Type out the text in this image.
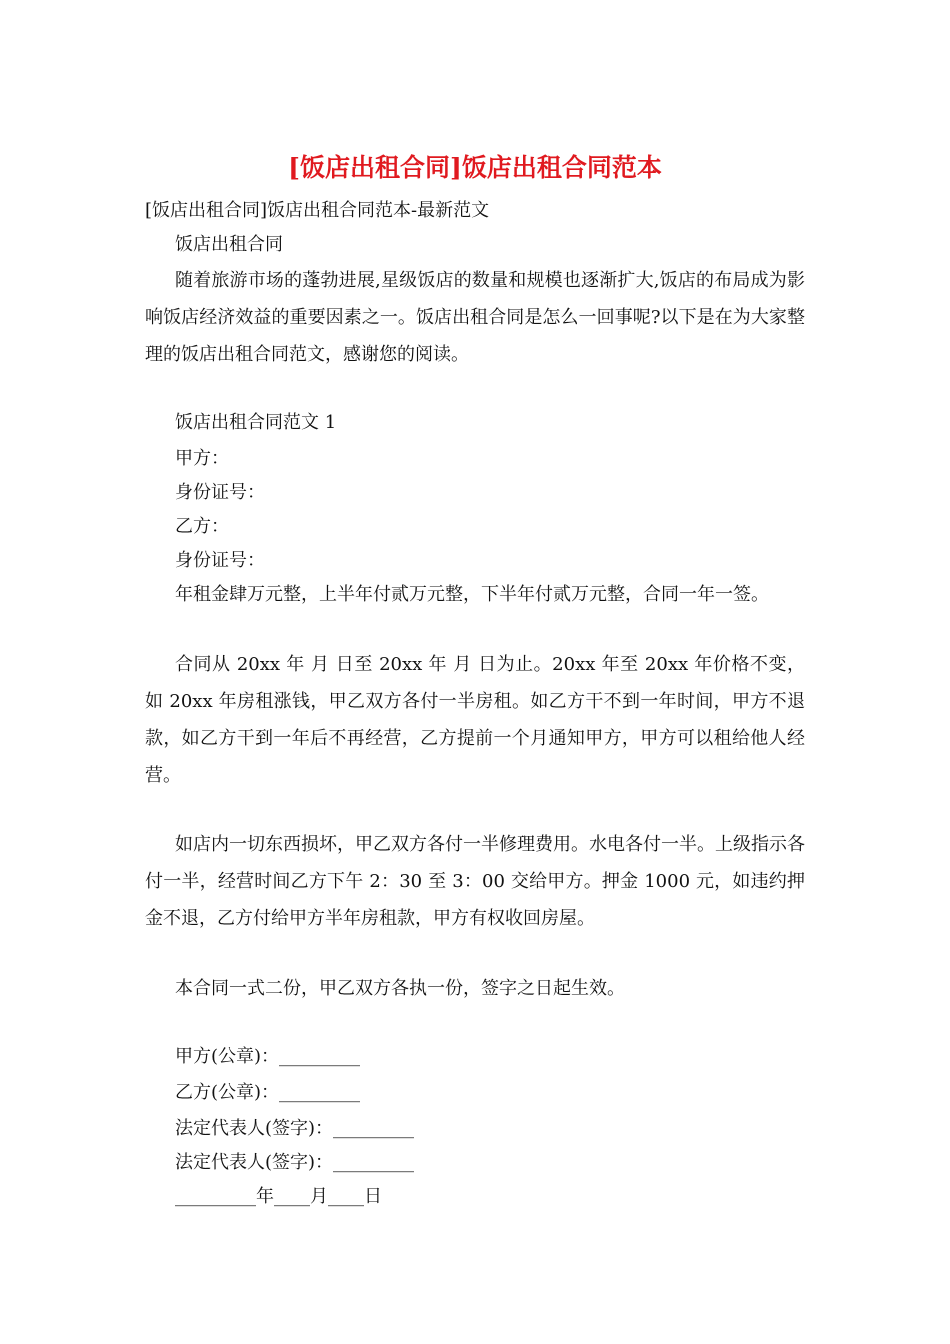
[饭店出租合同]饭店出租合同范本

[饭店出租合同]饭店出租合同范本-最新范文

饭店出租合同

随着旅游市场的蓬勃进展,星级饭店的数量和规模也逐渐扩大,饭店的布局成为影响饭店经济效益的重要因素之一。饭店出租合同是怎么一回事呢?以下是在为大家整理的饭店出租合同范文，感谢您的阅读。

饭店出租合同范文 1

甲方：

身份证号：

乙方：

身份证号：

年租金肆万元整，上半年付贰万元整，下半年付贰万元整，合同一年一签。

合同从 20xx 年 月 日至 20xx 年 月 日为止。20xx 年至 20xx 年价格不变，如 20xx 年房租涨钱，甲乙双方各付一半房租。如乙方干不到一年时间，甲方不退款，如乙方干到一年后不再经营，乙方提前一个月通知甲方，甲方可以租给他人经营。

如店内一切东西损坏，甲乙双方各付一半修理费用。水电各付一半。上级指示各付一半，经营时间乙方下午 2：30 至 3：00 交给甲方。押金 1000 元，如违约押金不退，乙方付给甲方半年房租款，甲方有权收回房屋。

本合同一式二份，甲乙双方各执一份，签字之日起生效。

甲方(公章)：_________

乙方(公章)：_________

法定代表人(签字)：_________

法定代表人(签字)：_________

_________年____月____日
